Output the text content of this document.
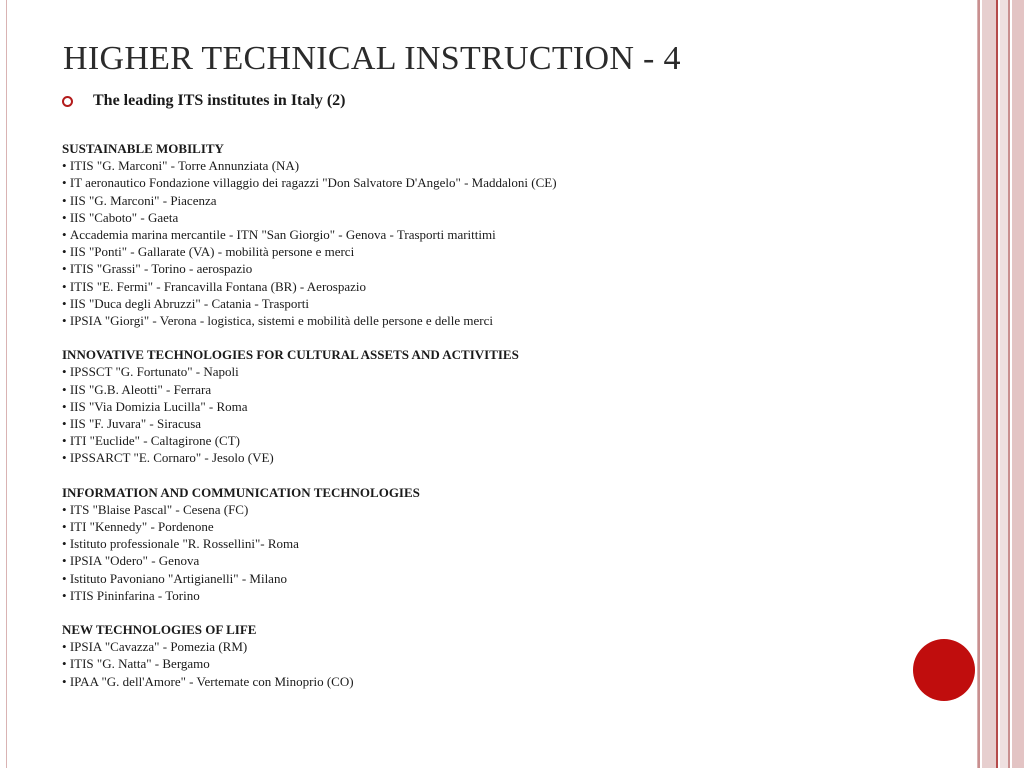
HIGHER TECHNICAL INSTRUCTION - 4
The leading ITS institutes in Italy (2)
SUSTAINABLE MOBILITY
• ITIS "G. Marconi" - Torre Annunziata (NA)
• IT aeronautico Fondazione villaggio dei ragazzi "Don Salvatore D'Angelo" - Maddaloni (CE)
• IIS "G. Marconi" - Piacenza
• IIS "Caboto" - Gaeta
• Accademia marina mercantile - ITN "San Giorgio" - Genova - Trasporti marittimi
• IIS "Ponti" - Gallarate (VA) - mobilità persone e merci
• ITIS "Grassi" - Torino - aerospazio
• ITIS "E. Fermi" - Francavilla Fontana (BR) - Aerospazio
• IIS "Duca degli Abruzzi" - Catania - Trasporti
• IPSIA "Giorgi" - Verona - logistica, sistemi e mobilità delle persone e delle merci
INNOVATIVE TECHNOLOGIES FOR CULTURAL ASSETS AND ACTIVITIES
• IPSSCT "G. Fortunato" - Napoli
• IIS "G.B. Aleotti" - Ferrara
• IIS "Via Domizia Lucilla" - Roma
• IIS "F. Juvara" - Siracusa
• ITI "Euclide" - Caltagirone (CT)
• IPSSARCT "E. Cornaro" - Jesolo (VE)
INFORMATION AND COMMUNICATION TECHNOLOGIES
• ITS "Blaise Pascal" - Cesena (FC)
• ITI "Kennedy" - Pordenone
• Istituto professionale "R. Rossellini"- Roma
• IPSIA "Odero" - Genova
• Istituto Pavoniano "Artigianelli" - Milano
• ITIS Pininfarina - Torino
NEW TECHNOLOGIES OF LIFE
• IPSIA "Cavazza" - Pomezia (RM)
• ITIS "G. Natta" - Bergamo
• IPAA "G. dell'Amore" - Vertemate con Minoprio (CO)
